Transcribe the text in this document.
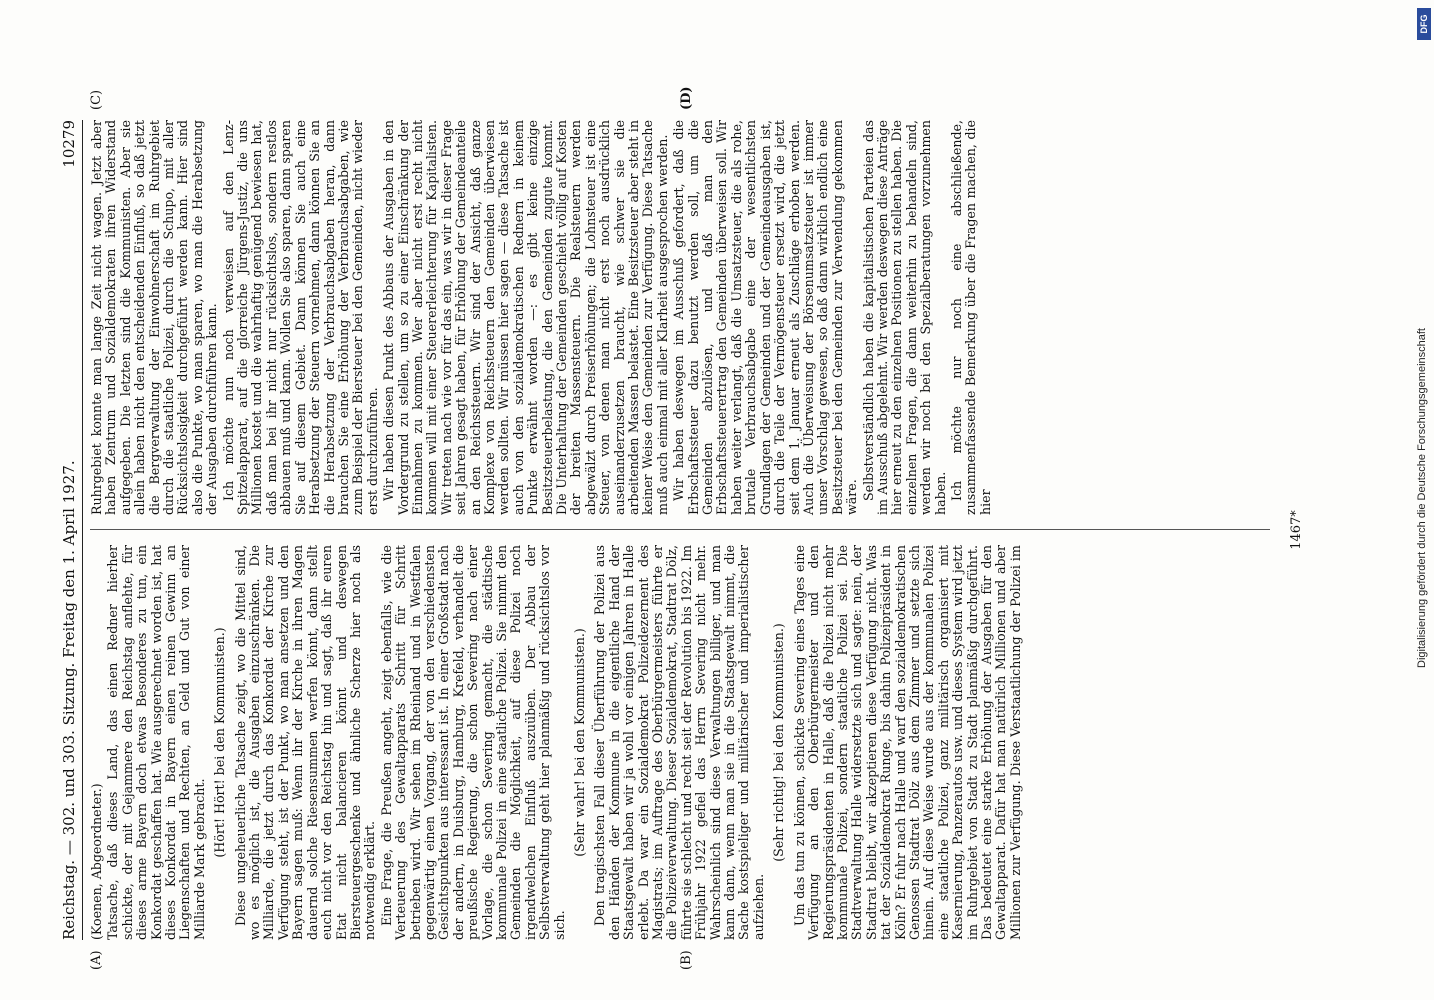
Reichstag. — 302. und 303. Sitzung. Freitag den 1. April 1927.
10279

(Koenen, Abgeordneter.) Tatsache, daß dieses Land, das einen Redner hierher schickte, der mit Gejammere den Reichstag anflehte, für dieses arme Bayern doch etwas Besonderes zu tun, ein Konkordat geschaffen hat. Wie ausgerechnet worden ist, hat dieses Konkordat in Bayern einen reinen Gewinn an Liegenschaften und Rechten, an Geld und Gut von einer Milliarde Mark gebracht.

(Hört! Hört! bei den Kommunisten.) Diese ungeheuerliche Tatsache zeigt, wo die Mittel sind, wo es möglich ist, die Ausgaben einzuschränken. Die Milliarde, die jetzt durch das Konkordat der Kirche zur Verfügung steht, ist der Punkt, wo man ansetzen und den Bayern sagen muß: Wenn ihr der Kirche in ihren Magen dauernd solche Riesensummen werfen könnt, dann stellt euch nicht vor den Reichstag hin und sagt, daß ihr euren Etat nicht balancieren könnt und deswegen Biersteuergeschenke und ähnliche Scherze hier noch als notwendig erklärt. Eine Frage, die Preußen angeht, zeigt ebenfalls, wie die Verteuerung des Gewaltapparats Schritt für Schritt betrieben wird. Wir sehen im Rheinland und in Westfalen gegenwärtig einen Vorgang, der von den verschiedensten Gesichtspunkten aus interessant ist. In einer Großstadt nach der andern, in Duisburg, Hamburg, Krefeld, verhandelt die preußische Regierung, die schon Severing nach einer Vorlage, die schon Severing gemacht, die städtische kommunale Polizei in eine staatliche Polizei. Sie nimmt den Gemeinden die Möglichkeit, auf diese Polizei noch irgendwelchen Einfluß auszuüben. Der Abbau der Selbstverwaltung geht hier planmäßig und rücksichtslos vor sich.

(Sehr wahr! bei den Kommunisten.) Den tragischsten Fall dieser Überführung der Polizei aus den Händen der Kommune in die eigentliche Hand der Staatsgewalt haben wir ja wohl vor einigen Jahren in Halle erlebt. Da war ein Sozialdemokrat Polizeidezernent des Magistrats; im Auftrage des Oberbürgermeisters führte er die Polizeiverwaltung. Dieser Sozialdemokrat, Stadtrat Dölz, führte sie schlecht und recht seit der Revolution bis 1922. Im Frühjahr 1922 gefiel das Herrn Severing nicht mehr. Wahrscheinlich sind diese Verwaltungen billiger, und man kann dann, wenn man sie in die Staatsgewalt nimmt, die Sache kostspieliger und militärischer und imperialistischer aufziehen.

(Sehr richtig! bei den Kommunisten.) Um das tun zu können, schickte Severing eines Tages eine Verfügung an den Oberbürgermeister und den Regierungspräsidenten in Halle, daß die Polizei nicht mehr kommunale Polizei, sondern staatliche Polizei sei. Die Stadtverwaltung Halle widersetzte sich und sagte: nein, der Stadtrat bleibt, wir akzeptieren diese Verfügung nicht. Was tat der Sozialdemokrat Runge, bis dahin Polizeipräsident in Köln? Er fuhr nach Halle und warf den sozialdemokratischen Genossen Stadtrat Dölz aus dem Zimmer und setzte sich hinein. Auf diese Weise wurde aus der kommunalen Polizei eine staatliche Polizei, ganz militärisch organisiert mit Kasernierung, Panzerautos usw. und dieses System wird jetzt im Ruhrgebiet von Stadt zu Stadt planmäßig durchgeführt. Das bedeutet eine starke Erhöhung der Ausgaben für den Gewaltapparat. Dafür hat man natürlich Millionen und aber Millionen zur Verfügung. Diese Verstaatlichung der Polizei im

Ruhrgebiet konnte man lange Zeit nicht wagen. Jetzt aber haben Zentrum und Sozialdemokraten ihren Widerstand aufgegeben. Die letzten sind die Kommunisten. Aber sie allein haben nicht den entscheidenden Einfluß, so daß jetzt die Bergverwaltung der Einwohnerschaft im Ruhrgebiet durch die staatliche Polizei, durch die Schupo, mit aller Rücksichtslosigkeit durchgeführt werden kann. Hier sind also die Punkte, wo man sparen, wo man die Herabsetzung der Ausgaben durchführen kann. Ich möchte nun noch verweisen auf den Lenz-Spitzelapparat, auf die glorreiche Jürgens-Justiz, die uns Millionen kostet und die wahrhaftig genügend bewiesen hat, daß man bei ihr nicht nur rücksichtslos, sondern restlos abbauen muß und kann. Wollen Sie also sparen, dann sparen Sie auf diesem Gebiet. Dann können Sie auch eine Herabsetzung der Steuern vornehmen, dann können Sie an die Herabsetzung der Verbrauchsabgaben heran, dann brauchen Sie eine Erhöhung der Verbrauchsabgaben, wie zum Beispiel der Biersteuer bei den Gemeinden, nicht wieder erst durchzuführen. Wir haben diesen Punkt des Abbaus der Ausgaben in den Vordergrund zu stellen, um so zu einer Einschränkung der Einnahmen zu kommen. Wer aber nicht erst recht nicht kommen will mit einer Steuererleichterung für Kapitalisten. Wir treten nach wie vor für das ein, was wir in dieser Frage seit Jahren gesagt haben, für Erhöhung der Gemeindeanteile an den Reichssteuern. Wir sind der Ansicht, daß ganze Komplexe von Reichssteuern den Gemeinden überwiesen werden sollten. Wir müssen hier sagen — diese Tatsache ist auch von den sozialdemokratischen Rednern in keinem Punkte erwähnt worden —: es gibt keine einzige Besitzsteuerbelastung, die den Gemeinden zugute kommt. Die Unterhaltung der Gemeinden geschieht völlig auf Kosten der breiten Massensteuern. Die Realsteuern werden abgewälzt durch Preiserhöhungen; die Lohnsteuer ist eine Steuer, von denen man nicht erst noch ausdrücklich auseinanderzusetzen braucht, wie schwer sie die arbeitenden Massen belastet. Eine Besitzsteuer aber steht in keiner Weise den Gemeinden zur Verfügung. Diese Tatsache muß auch einmal mit aller Klarheit ausgesprochen werden. Wir haben deswegen im Ausschuß gefordert, daß die Erbschaftssteuer dazu benutzt werden soll, um die Gemeinden abzulösen, und daß man den Erbschaftssteuerertrag den Gemeinden überweisen soll. Wir haben weiter verlangt, daß die Umsatzsteuer, die als rohe, brutale Verbrauchsabgabe eine der wesentlichsten Grundlagen der Gemeinden und der Gemeindeausgaben ist, durch die Teile der Vermögensteuer ersetzt wird, die jetzt seit dem 1. Januar erneut als Zuschläge erhoben werden. Auch die Überweisung der Börsenumsatzsteuer ist immer unser Vorschlag gewesen, so daß dann wirklich endlich eine Besitzsteuer bei den Gemeinden zur Verwendung gekommen wäre. Selbstverständlich haben die kapitalistischen Parteien das im Ausschuß abgelehnt. Wir werden deswegen diese Anträge hier erneut zu den einzelnen Positionen zu stellen haben. Die einzelnen Fragen, die dann weiterhin zu behandeln sind, werden wir noch bei den Spezialberatungen vorzunehmen haben. Ich möchte nur noch eine abschließende, zusammenfassende Bemerkung über die Fragen machen, die hier

(A)	(B)
(C)	(D)
1467*	Digitalisierung gefördert durch die Deutsche Forschungsgemeinschaft
DFG
